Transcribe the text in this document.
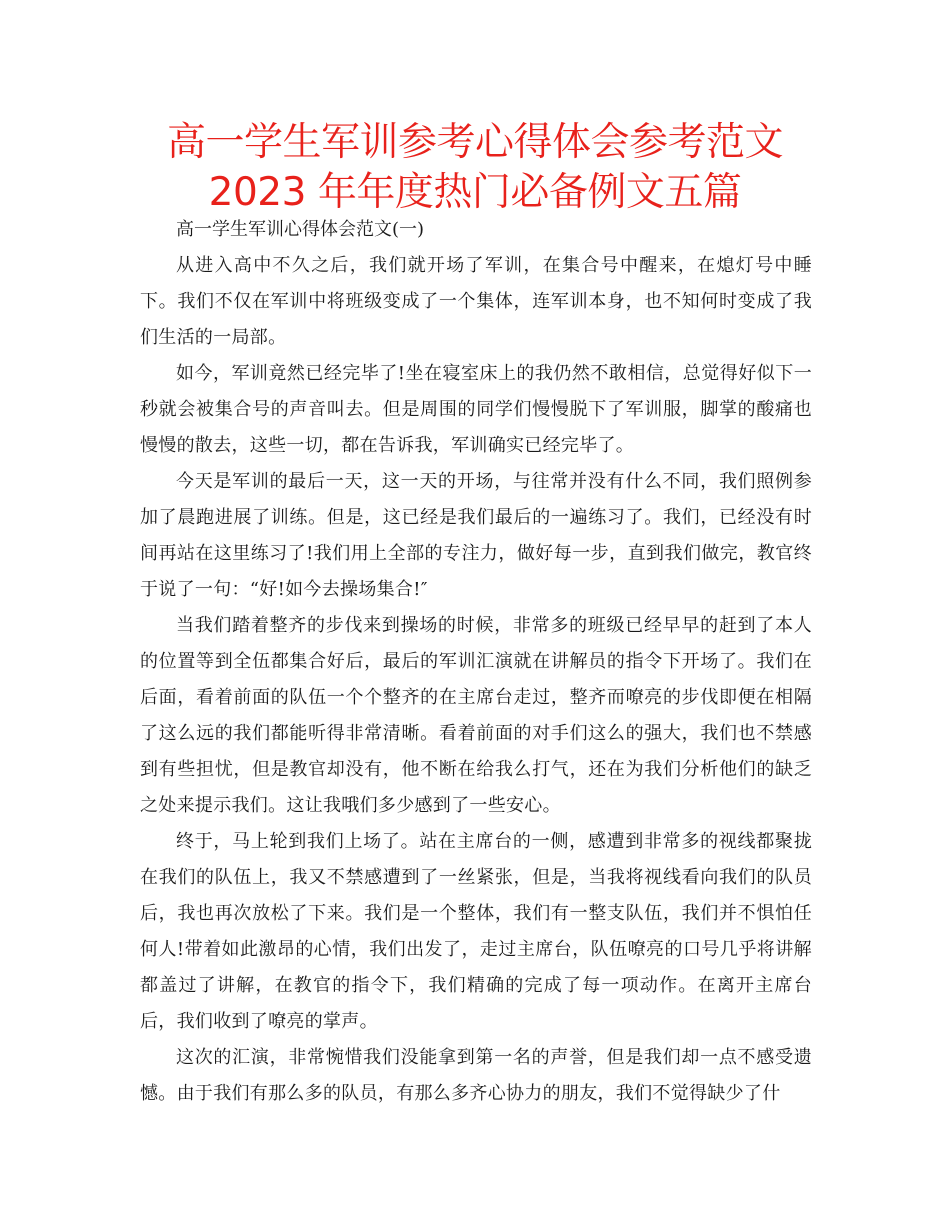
高一学生军训参考心得体会参考范文 2023 年年度热门必备例文五篇

高一学生军训心得体会范文(一)

从进入高中不久之后，我们就开场了军训，在集合号中醒来，在熄灯号中睡下。我们不仅在军训中将班级变成了一个集体，连军训本身，也不知何时变成了我们生活的一局部。

如今，军训竟然已经完毕了!坐在寝室床上的我仍然不敢相信，总觉得好似下一秒就会被集合号的声音叫去。但是周围的同学们慢慢脱下了军训服，脚掌的酸痛也慢慢的散去，这些一切，都在告诉我，军训确实已经完毕了。

今天是军训的最后一天，这一天的开场，与往常并没有什么不同，我们照例参加了晨跑进展了训练。但是，这已经是我们最后的一遍练习了。我们，已经没有时间再站在这里练习了!我们用上全部的专注力，做好每一步，直到我们做完，教官终于说了一句：“好!如今去操场集合!″

当我们踏着整齐的步伐来到操场的时候，非常多的班级已经早早的赶到了本人的位置等到全伍都集合好后，最后的军训汇演就在讲解员的指令下开场了。我们在后面，看着前面的队伍一个个整齐的在主席台走过，整齐而嘹亮的步伐即便在相隔了这么远的我们都能听得非常清晰。看着前面的对手们这么的强大，我们也不禁感到有些担忧，但是教官却没有，他不断在给我么打气，还在为我们分析他们的缺乏之处来提示我们。这让我哦们多少感到了一些安心。

终于，马上轮到我们上场了。站在主席台的一侧，感遭到非常多的视线都聚拢在我们的队伍上，我又不禁感遭到了一丝紧张，但是，当我将视线看向我们的队员后，我也再次放松了下来。我们是一个整体，我们有一整支队伍，我们并不惧怕任何人!带着如此激昂的心情，我们出发了，走过主席台，队伍嘹亮的口号几乎将讲解都盖过了讲解，在教官的指令下，我们精确的完成了每一项动作。在离开主席台后，我们收到了嘹亮的掌声。

这次的汇演，非常惋惜我们没能拿到第一名的声誉，但是我们却一点不感受遗憾。由于我们有那么多的队员，有那么多齐心协力的朋友，我们不觉得缺少了什
